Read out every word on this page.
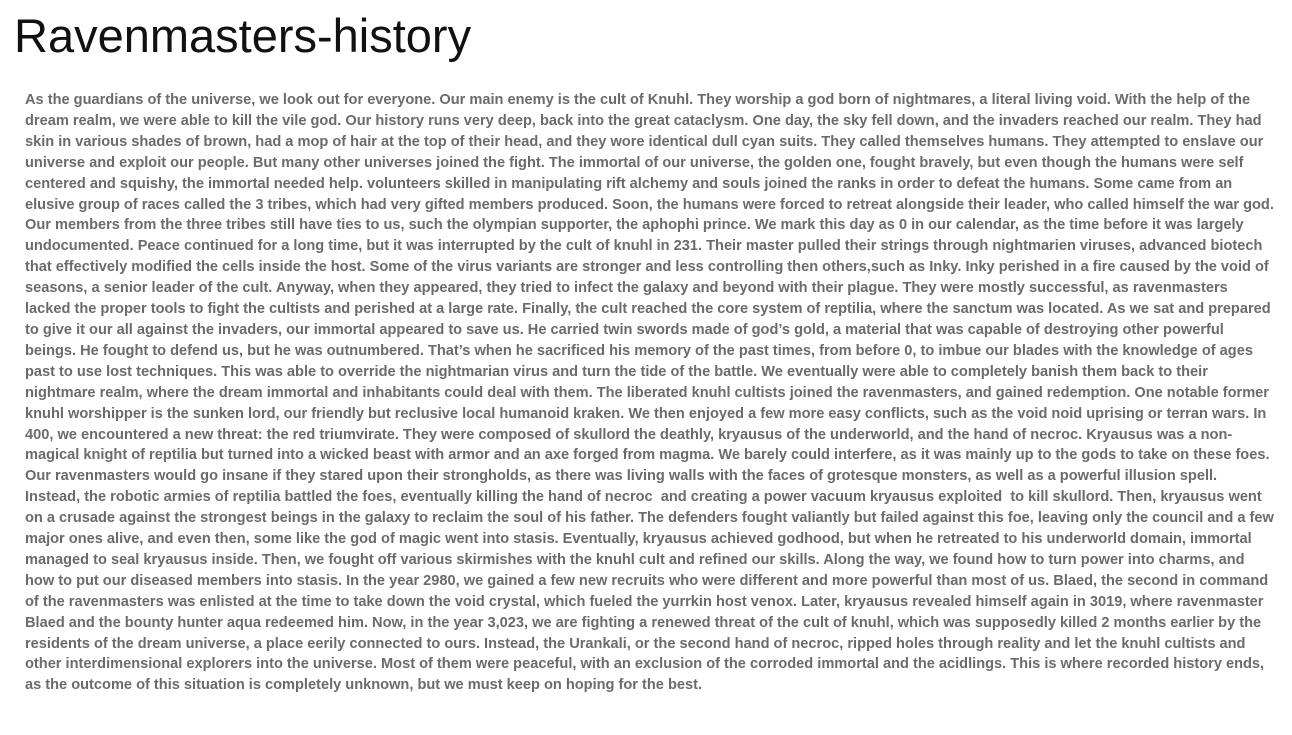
Ravenmasters-history

As the guardians of the universe, we look out for everyone. Our main enemy is the cult of Knuhl. They worship a god born of nightmares, a literal living void. With the help of the dream realm, we were able to kill the vile god. Our history runs very deep, back into the great cataclysm. One day, the sky fell down, and the invaders reached our realm. They had skin in various shades of brown, had a mop of hair at the top of their head, and they wore identical dull cyan suits. They called themselves humans. They attempted to enslave our universe and exploit our people. But many other universes joined the fight. The immortal of our universe, the golden one, fought bravely, but even though the humans were self centered and squishy, the immortal needed help. volunteers skilled in manipulating rift alchemy and souls joined the ranks in order to defeat the humans. Some came from an elusive group of races called the 3 tribes, which had very gifted members produced. Soon, the humans were forced to retreat alongside their leader, who called himself the war god. Our members from the three tribes still have ties to us, such the olympian supporter, the aphophi prince. We mark this day as 0 in our calendar, as the time before it was largely undocumented. Peace continued for a long time, but it was interrupted by the cult of knuhl in 231. Their master pulled their strings through nightmarien viruses, advanced biotech that effectively modified the cells inside the host. Some of the virus variants are stronger and less controlling then others,such as Inky. Inky perished in a fire caused by the void of seasons, a senior leader of the cult. Anyway, when they appeared, they tried to infect the galaxy and beyond with their plague. They were mostly successful, as ravenmasters lacked the proper tools to fight the cultists and perished at a large rate. Finally, the cult reached the core system of reptilia, where the sanctum was located. As we sat and prepared to give it our all against the invaders, our immortal appeared to save us. He carried twin swords made of god’s gold, a material that was capable of destroying other powerful beings. He fought to defend us, but he was outnumbered. That’s when he sacrificed his memory of the past times, from before 0, to imbue our blades with the knowledge of ages past to use lost techniques. This was able to override the nightmarian virus and turn the tide of the battle. We eventually were able to completely banish them back to their nightmare realm, where the dream immortal and inhabitants could deal with them. The liberated knuhl cultists joined the ravenmasters, and gained redemption. One notable former knuhl worshipper is the sunken lord, our friendly but reclusive local humanoid kraken. We then enjoyed a few more easy conflicts, such as the void noid uprising or terran wars. In 400, we encountered a new threat: the red triumvirate. They were composed of skullord the deathly, kryausus of the underworld, and the hand of necroc. Kryausus was a non- magical knight of reptilia but turned into a wicked beast with armor and an axe forged from magma. We barely could interfere, as it was mainly up to the gods to take on these foes. Our ravenmasters would go insane if they stared upon their strongholds, as there was living walls with the faces of grotesque monsters, as well as a powerful illusion spell. Instead, the robotic armies of reptilia battled the foes, eventually killing the hand of necroc  and creating a power vacuum kryausus exploited  to kill skullord. Then, kryausus went on a crusade against the strongest beings in the galaxy to reclaim the soul of his father. The defenders fought valiantly but failed against this foe, leaving only the council and a few major ones alive, and even then, some like the god of magic went into stasis. Eventually, kryausus achieved godhood, but when he retreated to his underworld domain, immortal managed to seal kryausus inside. Then, we fought off various skirmishes with the knuhl cult and refined our skills. Along the way, we found how to turn power into charms, and how to put our diseased members into stasis. In the year 2980, we gained a few new recruits who were different and more powerful than most of us. Blaed, the second in command of the ravenmasters was enlisted at the time to take down the void crystal, which fueled the yurrkin host venox. Later, kryausus revealed himself again in 3019, where ravenmaster Blaed and the bounty hunter aqua redeemed him. Now, in the year 3,023, we are fighting a renewed threat of the cult of knuhl, which was supposedly killed 2 months earlier by the residents of the dream universe, a place eerily connected to ours. Instead, the Urankali, or the second hand of necroc, ripped holes through reality and let the knuhl cultists and other interdimensional explorers into the universe. Most of them were peaceful, with an exclusion of the corroded immortal and the acidlings. This is where recorded history ends, as the outcome of this situation is completely unknown, but we must keep on hoping for the best.
